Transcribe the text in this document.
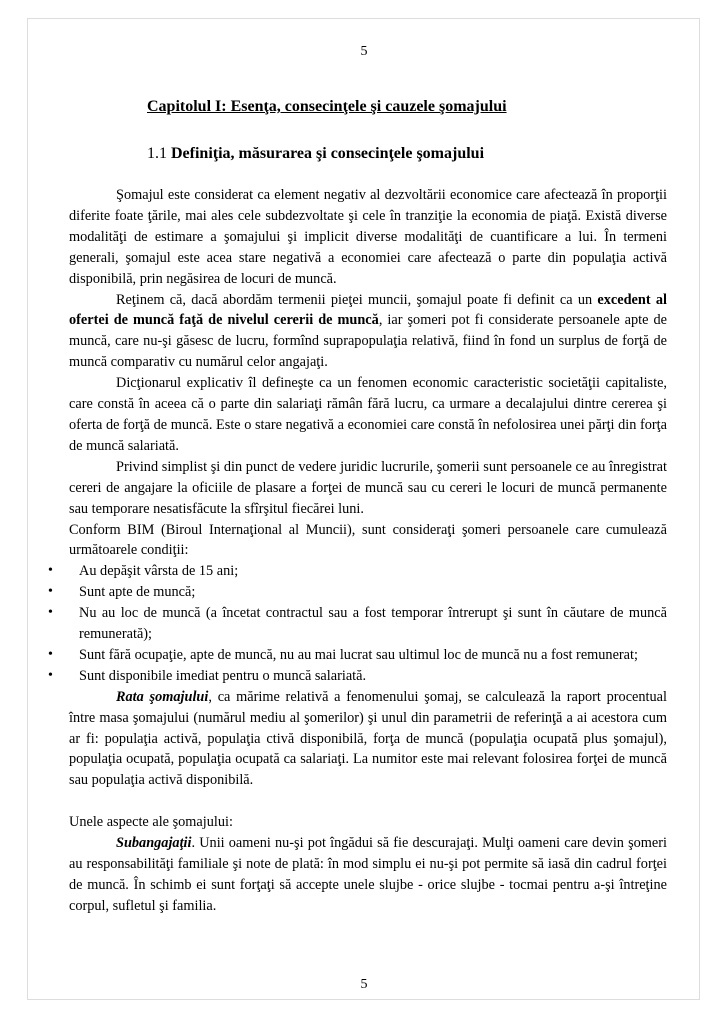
5
Capitolul I: Esenţa, consecinţele şi cauzele şomajului
1.1 Definiţia, măsurarea şi consecinţele şomajului

Şomajul este considerat ca element negativ al dezvoltării economice care afectează în proporţii diferite foate ţările, mai ales cele subdezvoltate şi cele în tranziţie la economia de piaţă. Există diverse modalităţi de estimare a şomajului şi implicit diverse modalităţi de cuantificare a lui. În termeni generali, şomajul este acea stare negativă a economiei care afectează o parte din populaţia activă disponibilă, prin negăsirea de locuri de muncă.

Reţinem că, dacă abordăm termenii pieţei muncii, şomajul poate fi definit ca un excedent al ofertei de muncă faţă de nivelul cererii de muncă, iar şomeri pot fi considerate persoanele apte de muncă, care nu-şi găsesc de lucru, formînd suprapopulaţia relativă, fiind în fond un surplus de forţă de muncă comparativ cu numărul celor angajaţi.

Dicţionarul explicativ îl defineşte ca un fenomen economic caracteristic societăţii capitaliste, care constă în aceea că o parte din salariaţi rămân fără lucru, ca urmare a decalajului dintre cererea şi oferta de forţă de muncă. Este o stare negativă a economiei care constă în nefolosirea unei părţi din forţa de muncă salariată.

Privind simplist şi din punct de vedere juridic lucrurile, şomerii sunt persoanele ce au înregistrat cereri de angajare la oficiile de plasare a forţei de muncă sau cu cereri le locuri de muncă permanente sau temporare nesatisfăcute la sfîrşitul fiecărei luni.

Conform BIM (Biroul Internaţional al Muncii), sunt consideraţi şomeri persoanele care cumulează următoarele condiţii:

• Au depăşit vârsta de 15 ani;
• Sunt apte de muncă;
• Nu au loc de muncă (a încetat contractul sau a fost temporar întrerupt şi sunt în căutare de muncă remunerată);
• Sunt fără ocupaţie, apte de muncă, nu au mai lucrat sau ultimul loc de muncă nu a fost remunerat;
• Sunt disponibile imediat pentru o muncă salariată.

Rata şomajului, ca mărime relativă a fenomenului şomaj, se calculează la raport procentual între masa şomajului (numărul mediu al şomerilor) şi unul din parametrii de referinţă a ai acestora cum ar fi: populaţia activă, populaţia ctivă disponibilă, forţa de muncă (populaţia ocupată plus şomajul), populaţia ocupată, populaţia ocupată ca salariaţi. La numitor este mai relevant folosirea forţei de muncă sau populaţia activă disponibilă.

Unele aspecte ale şomajului:

Subangajaţii. Unii oameni nu-şi pot îngădui să fie descurajaţi. Mulţi oameni care devin şomeri au responsabilităţi familiale şi note de plată: în mod simplu ei nu-şi pot permite să iasă din cadrul forţei de muncă. În schimb ei sunt forţaţi să accepte unele slujbe - orice slujbe - tocmai pentru a-şi întreţine corpul, sufletul şi familia.

5
